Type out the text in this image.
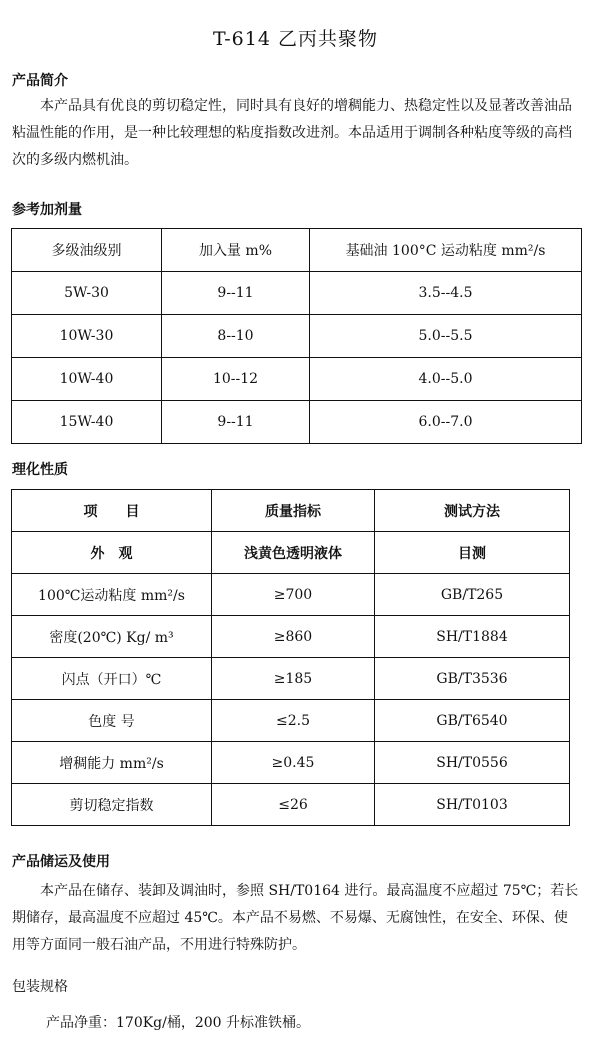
T-614 乙丙共聚物
产品简介
本产品具有优良的剪切稳定性，同时具有良好的增稠能力、热稳定性以及显著改善油品粘温性能的作用，是一种比较理想的粘度指数改进剂。本品适用于调制各种粘度等级的高档次的多级内燃机油。
参考加剂量
多级油级别	加入量 m%	基础油 100°C 运动粘度 mm²/s
5W-30	9--11	3.5--4.5
10W-30	8--10	5.0--5.5
10W-40	10--12	4.0--5.0
15W-40	9--11	6.0--7.0
理化性质
项　　目	质量指标	测试方法
外　观	浅黄色透明液体	目测
100℃运动粘度 mm²/s	≥700	GB/T265
密度(20℃) Kg/ m³	≥860	SH/T1884
闪点（开口）℃	≥185	GB/T3536
色度 号	≤2.5	GB/T6540
增稠能力 mm²/s	≥0.45	SH/T0556
剪切稳定指数	≤26	SH/T0103
产品储运及使用
本产品在储存、装卸及调油时，参照 SH/T0164 进行。最高温度不应超过 75℃；若长期储存，最高温度不应超过 45℃。本产品不易燃、不易爆、无腐蚀性，在安全、环保、使用等方面同一般石油产品，不用进行特殊防护。
包装规格
产品净重：170Kg/桶，200 升标准铁桶。
